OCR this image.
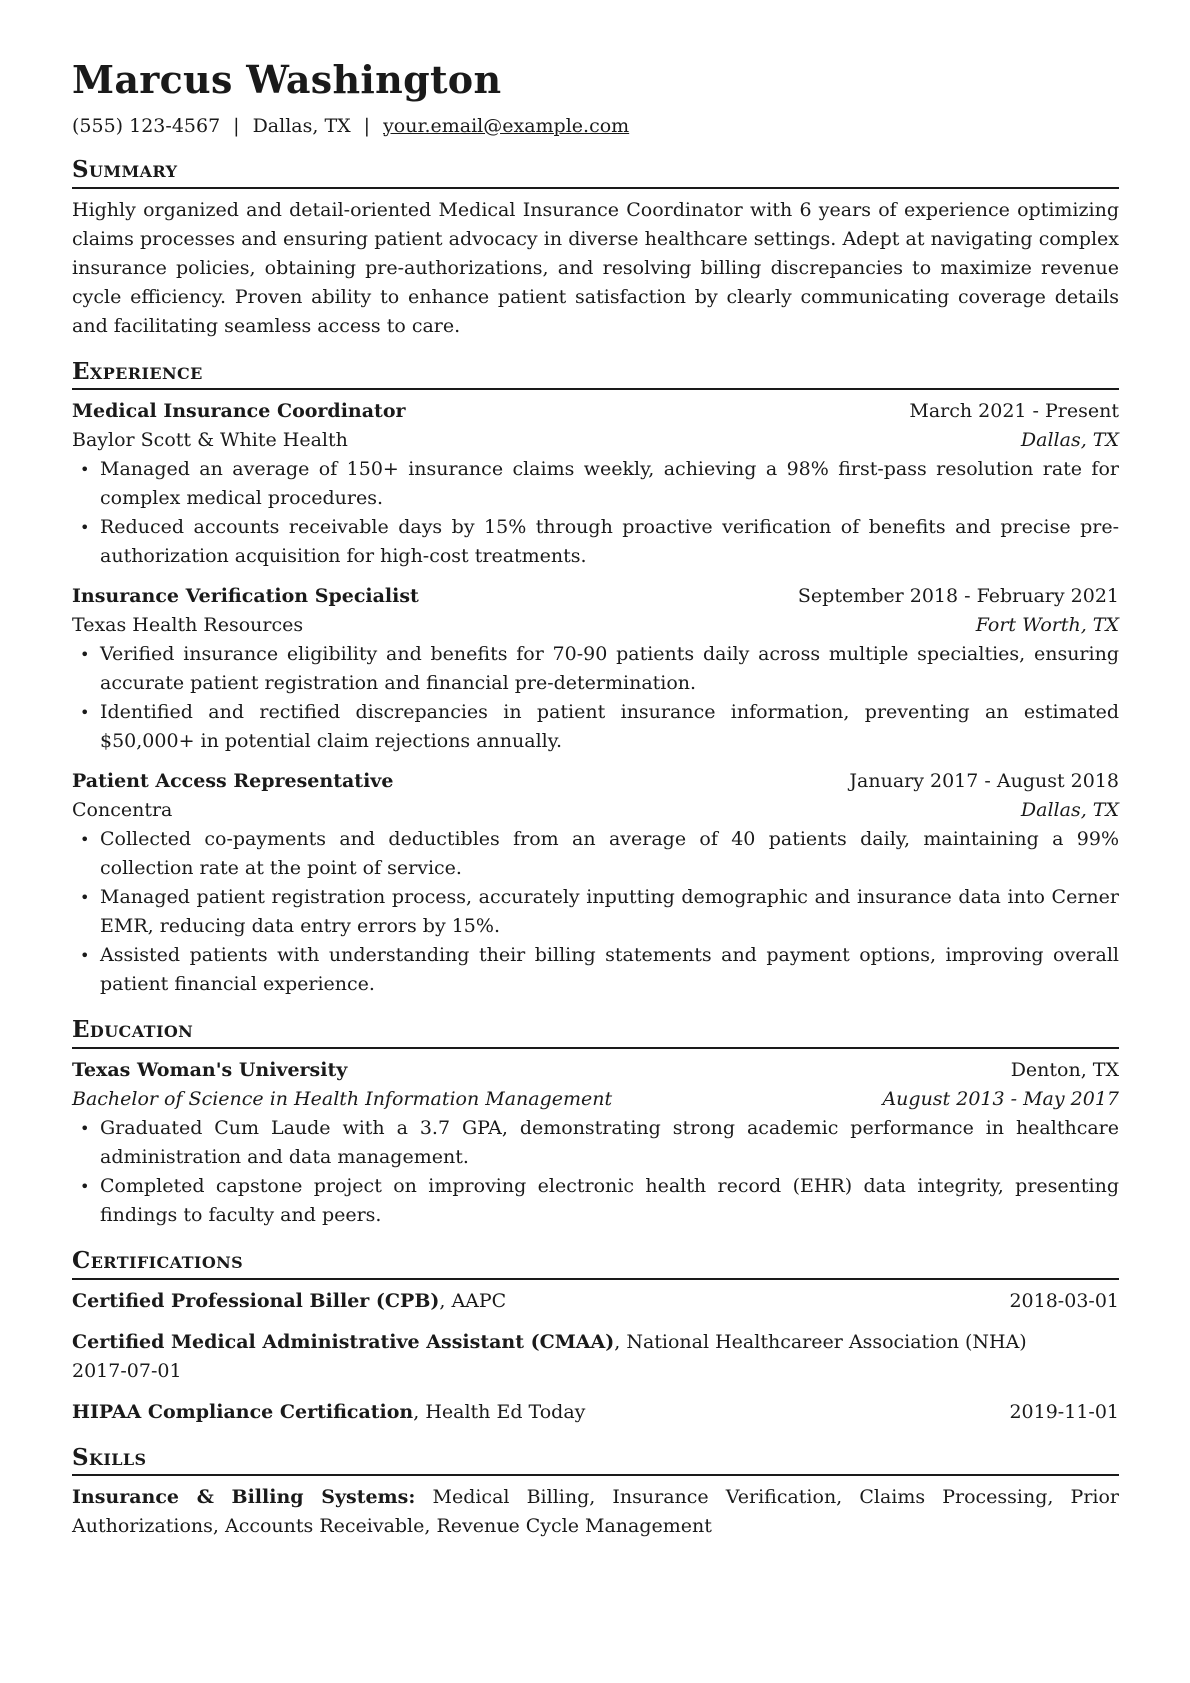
Marcus Washington
(555) 123-4567 | Dallas, TX | your.email@example.com
Summary

Highly organized and detail-oriented Medical Insurance Coordinator with 6 years of experience optimizing claims processes and ensuring patient advocacy in diverse healthcare settings. Adept at navigating complex insurance policies, obtaining pre-authorizations, and resolving billing discrepancies to maximize revenue cycle efficiency. Proven ability to enhance patient satisfaction by clearly communicating coverage details and facilitating seamless access to care.

Experience
Medical Insurance Coordinator	March 2021 - Present
Baylor Scott & White Health	Dallas, TX
• Managed an average of 150+ insurance claims weekly, achieving a 98% first-pass resolution rate for complex medical procedures.
• Reduced accounts receivable days by 15% through proactive verification of benefits and precise pre-authorization acquisition for high-cost treatments.
Insurance Verification Specialist	September 2018 - February 2021
Texas Health Resources	Fort Worth, TX
• Verified insurance eligibility and benefits for 70-90 patients daily across multiple specialties, ensuring accurate patient registration and financial pre-determination.
• Identified and rectified discrepancies in patient insurance information, preventing an estimated $50,000+ in potential claim rejections annually.
Patient Access Representative	January 2017 - August 2018
Concentra	Dallas, TX
• Collected co-payments and deductibles from an average of 40 patients daily, maintaining a 99% collection rate at the point of service.
• Managed patient registration process, accurately inputting demographic and insurance data into Cerner EMR, reducing data entry errors by 15%.
• Assisted patients with understanding their billing statements and payment options, improving overall patient financial experience.
Education
Texas Woman's University	Denton, TX
Bachelor of Science in Health Information Management	August 2013 - May 2017
• Graduated Cum Laude with a 3.7 GPA, demonstrating strong academic performance in healthcare administration and data management.
• Completed capstone project on improving electronic health record (EHR) data integrity, presenting findings to faculty and peers.
Certifications
Certified Professional Biller (CPB), AAPC	2018-03-01
Certified Medical Administrative Assistant (CMAA), National Healthcareer Association (NHA)
2017-07-01
HIPAA Compliance Certification, Health Ed Today	2019-11-01
Skills
Insurance & Billing Systems: Medical Billing, Insurance Verification, Claims Processing, Prior Authorizations, Accounts Receivable, Revenue Cycle Management
